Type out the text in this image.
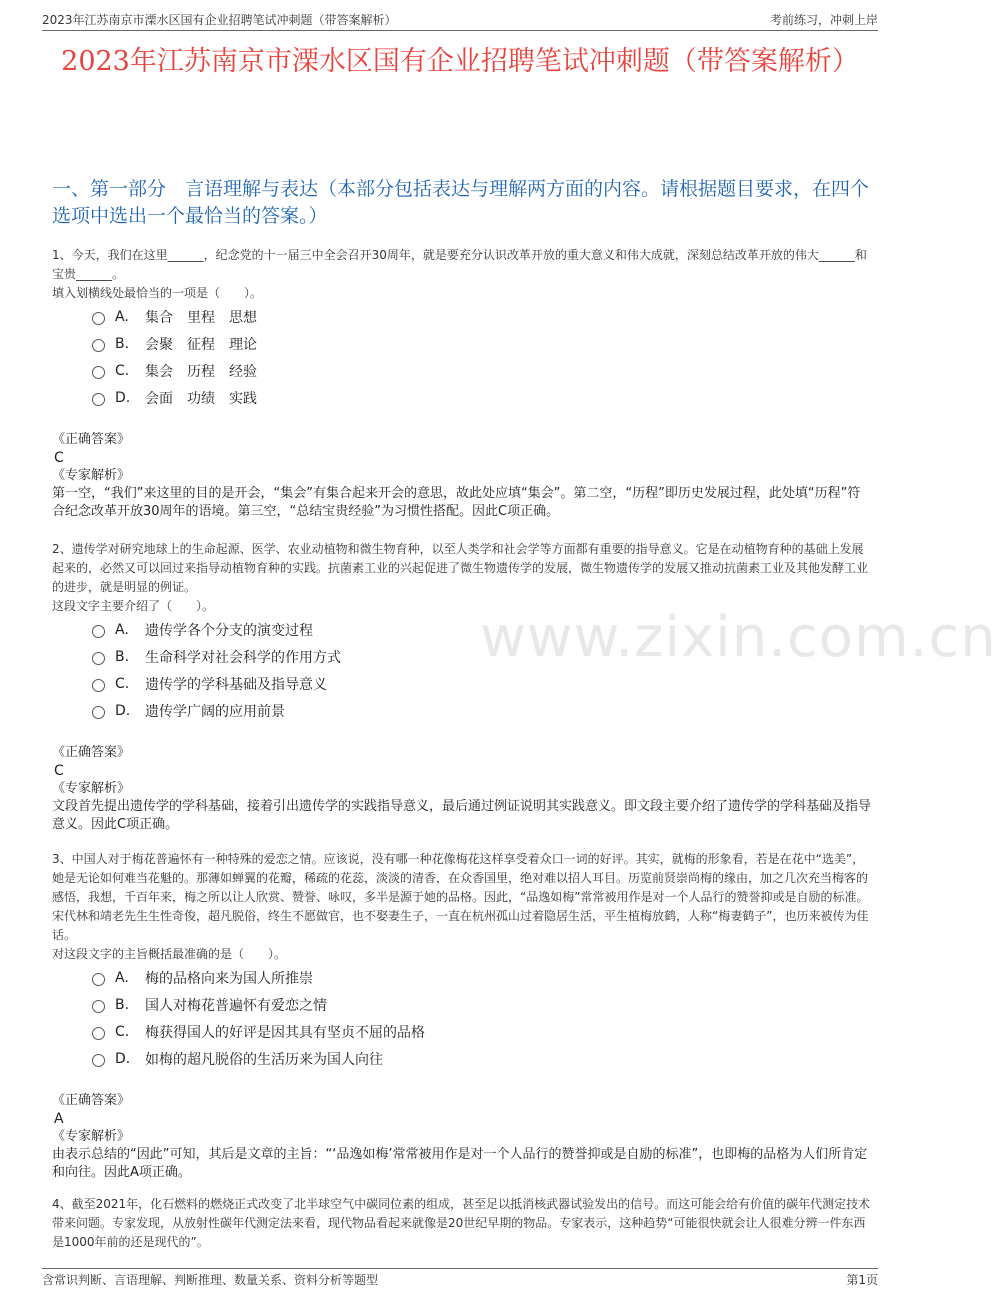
2023年江苏南京市溧水区国有企业招聘笔试冲刺题（带答案解析）	考前练习，冲刺上岸
2023年江苏南京市溧水区国有企业招聘笔试冲刺题（带答案解析）
一、第一部分　言语理解与表达（本部分包括表达与理解两方面的内容。请根据题目要求，在四个选项中选出一个最恰当的答案。）
www.zixin.com.cn

1、今天，我们在这里______，纪念党的十一届三中全会召开30周年，就是要充分认识改革开放的重大意义和伟大成就，深刻总结改革开放的伟大______和宝贵______。

填入划横线处最恰当的一项是（　　）。

A. 集合　里程　思想
B. 会聚　征程　理论
C. 集会　历程　经验
D. 会面　功绩　实践
《正确答案》
C
《专家解析》

第一空，“我们”来这里的目的是开会，“集会”有集合起来开会的意思，故此处应填“集会”。第二空，“历程”即历史发展过程，此处填“历程”符合纪念改革开放30周年的语境。第三空，“总结宝贵经验”为习惯性搭配。因此C项正确。

2、遗传学对研究地球上的生命起源、医学、农业动植物和微生物育种，以至人类学和社会学等方面都有重要的指导意义。它是在动植物育种的基础上发展起来的，必然又可以回过来指导动植物育种的实践。抗菌素工业的兴起促进了微生物遗传学的发展，微生物遗传学的发展又推动抗菌素工业及其他发酵工业的进步，就是明显的例证。

这段文字主要介绍了（　　）。

A. 遗传学各个分支的演变过程
B. 生命科学对社会科学的作用方式
C. 遗传学的学科基础及指导意义
D. 遗传学广阔的应用前景
《正确答案》
C
《专家解析》

文段首先提出遗传学的学科基础，接着引出遗传学的实践指导意义，最后通过例证说明其实践意义。即文段主要介绍了遗传学的学科基础及指导意义。因此C项正确。

3、中国人对于梅花普遍怀有一种特殊的爱恋之情。应该说，没有哪一种花像梅花这样享受着众口一词的好评。其实，就梅的形象看，若是在花中“选美”，她是无论如何难当花魁的。那薄如蝉翼的花瓣，稀疏的花蕊，淡淡的清香，在众香国里，绝对难以招人耳目。历览前贤崇尚梅的缘由，加之几次充当梅客的感悟，我想，千百年来，梅之所以让人欣赏、赞誉、咏叹，多半是源于她的品格。因此，“品逸如梅”常常被用作是对一个人品行的赞誉抑或是自励的标准。宋代林和靖老先生生性奇俊，超凡脱俗，终生不愿做官，也不娶妻生子，一直在杭州孤山过着隐居生活，平生植梅放鹤，人称“梅妻鹤子”，也历来被传为佳话。

对这段文字的主旨概括最准确的是（　　）。

A. 梅的品格向来为国人所推崇
B. 国人对梅花普遍怀有爱恋之情
C. 梅获得国人的好评是因其具有坚贞不屈的品格
D. 如梅的超凡脱俗的生活历来为国人向往
《正确答案》
A
《专家解析》

由表示总结的“因此”可知，其后是文章的主旨：“‘品逸如梅’常常被用作是对一个人品行的赞誉抑或是自励的标准”，也即梅的品格为人们所肯定和向往。因此A项正确。

4、截至2021年，化石燃料的燃烧正式改变了北半球空气中碳同位素的组成，甚至足以抵消核武器试验发出的信号。而这可能会给有价值的碳年代测定技术带来问题。专家发现，从放射性碳年代测定法来看，现代物品看起来就像是20世纪早期的物品。专家表示，这种趋势“可能很快就会让人很难分辨一件东西是1000年前的还是现代的”。

含常识判断、言语理解、判断推理、数量关系、资料分析等题型	第1页
